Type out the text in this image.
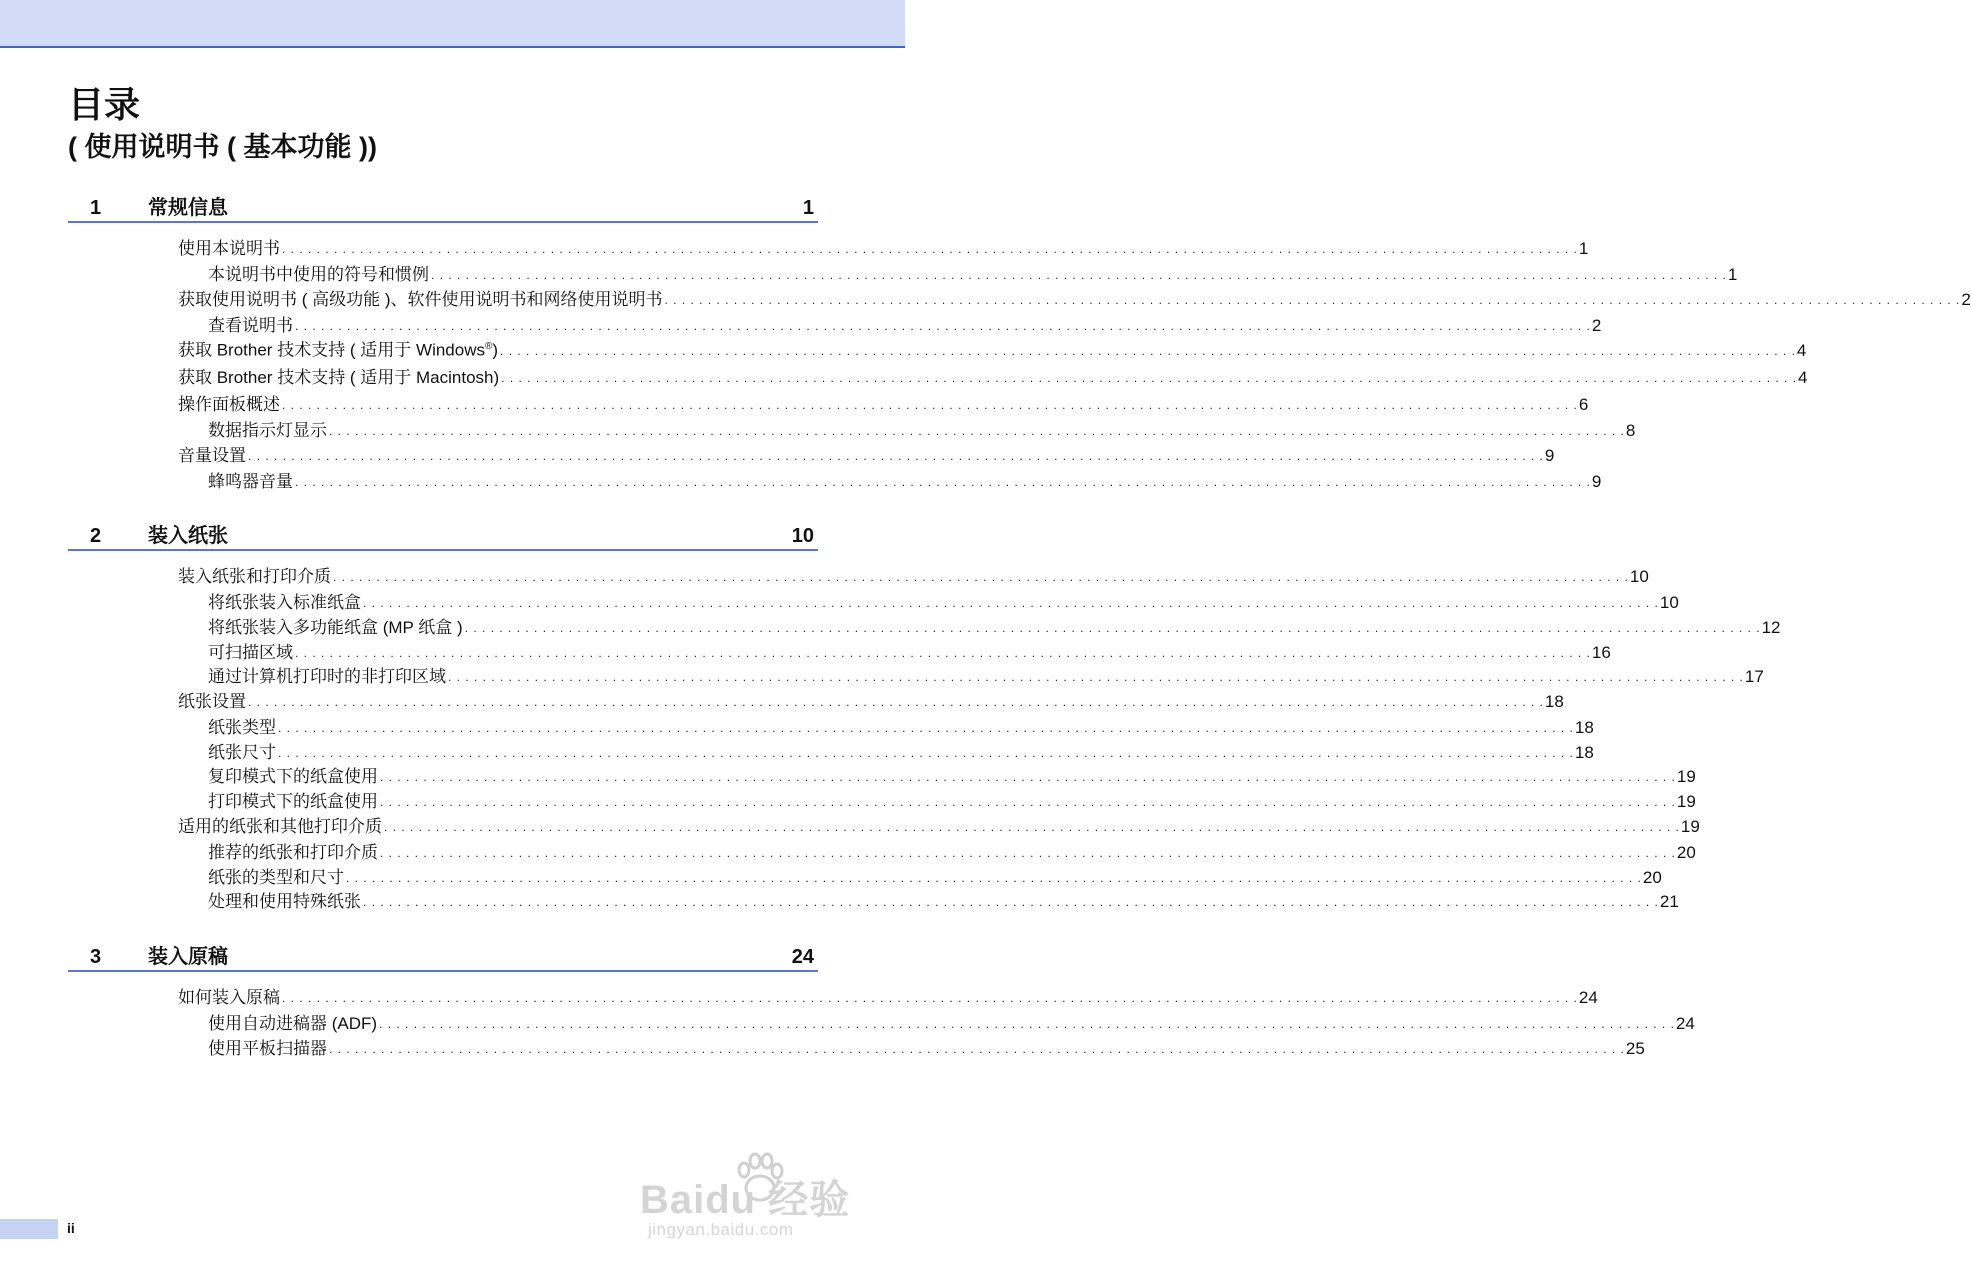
目录
( 使用说明书 ( 基本功能 ))
1 常规信息	1
使用本说明书 . . . . . . . . . . . . . . . . . . . . . . . . . . . . . . . . . . . . . . . . . . . . . . . . . . . . . . . . . . . . . . . . . . . . . . . . . . . . . . . . . . . . . . . . . . . . . . . . . . . . . . . . . . . . . . . . . . . . . . . . . . . . . . . . . . . . . . . . . . . . . . . . . . . . . . 1
本说明书中使用的符号和惯例 . . . . . . . . . . . . . . . . . . . . . . . . . . . . . . . . . . . . . . . . . . . . . . . . . . . . . . . . . . . . . . . . . . . . . . . . . . . . . . . . . . . . . . . . . . . . . . . . . . . . . . . . . . . . . . . . . . . . . . . . . . . . . . . . . . . . . . . . . . . . . . . . . . . . . . 1
获取使用说明书 ( 高级功能 )、软件使用说明书和网络使用说明书 . . . . . . . . . . . . . . . . . . . . . . . . . . . . . . . . . . . . . . . . . . . . . . . . . . . . . . . . . . . . . . . . . . . . . . . . . . . . . . . . . . . . . . . . . . . . . . . . . . . . . . . . . . . . . . . . . . . . . . . . . . . . . . . . . . . . . . . . . . . . . . . . . . . . . . 2
查看说明书 . . . . . . . . . . . . . . . . . . . . . . . . . . . . . . . . . . . . . . . . . . . . . . . . . . . . . . . . . . . . . . . . . . . . . . . . . . . . . . . . . . . . . . . . . . . . . . . . . . . . . . . . . . . . . . . . . . . . . . . . . . . . . . . . . . . . . . . . . . . . . . . . . . . . . . 2
获取 Brother 技术支持 ( 适用于 Windows®) . . . . . . . . . . . . . . . . . . . . . . . . . . . . . . . . . . . . . . . . . . . . . . . . . . . . . . . . . . . . . . . . . . . . . . . . . . . . . . . . . . . . . . . . . . . . . . . . . . . . . . . . . . . . . . . . . . . . . . . . . . . . . . . . . . . . . . . . . . . . . . . . . . . . . . 4
获取 Brother 技术支持 ( 适用于 Macintosh) . . . . . . . . . . . . . . . . . . . . . . . . . . . . . . . . . . . . . . . . . . . . . . . . . . . . . . . . . . . . . . . . . . . . . . . . . . . . . . . . . . . . . . . . . . . . . . . . . . . . . . . . . . . . . . . . . . . . . . . . . . . . . . . . . . . . . . . . . . . . . . . . . . . . . . 4
操作面板概述 . . . . . . . . . . . . . . . . . . . . . . . . . . . . . . . . . . . . . . . . . . . . . . . . . . . . . . . . . . . . . . . . . . . . . . . . . . . . . . . . . . . . . . . . . . . . . . . . . . . . . . . . . . . . . . . . . . . . . . . . . . . . . . . . . . . . . . . . . . . . . . . . . . . . . . 6
数据指示灯显示 . . . . . . . . . . . . . . . . . . . . . . . . . . . . . . . . . . . . . . . . . . . . . . . . . . . . . . . . . . . . . . . . . . . . . . . . . . . . . . . . . . . . . . . . . . . . . . . . . . . . . . . . . . . . . . . . . . . . . . . . . . . . . . . . . . . . . . . . . . . . . . . . . . . . . . 8
音量设置 . . . . . . . . . . . . . . . . . . . . . . . . . . . . . . . . . . . . . . . . . . . . . . . . . . . . . . . . . . . . . . . . . . . . . . . . . . . . . . . . . . . . . . . . . . . . . . . . . . . . . . . . . . . . . . . . . . . . . . . . . . . . . . . . . . . . . . . . . . . . . . . . . . . . . . 9
蜂鸣器音量 . . . . . . . . . . . . . . . . . . . . . . . . . . . . . . . . . . . . . . . . . . . . . . . . . . . . . . . . . . . . . . . . . . . . . . . . . . . . . . . . . . . . . . . . . . . . . . . . . . . . . . . . . . . . . . . . . . . . . . . . . . . . . . . . . . . . . . . . . . . . . . . . . . . . . . 9
2 装入纸张	10
装入纸张和打印介质 . . . . . . . . . . . . . . . . . . . . . . . . . . . . . . . . . . . . . . . . . . . . . . . . . . . . . . . . . . . . . . . . . . . . . . . . . . . . . . . . . . . . . . . . . . . . . . . . . . . . . . . . . . . . . . . . . . . . . . . . . . . . . . . . . . . . . . . . . . . . . . . . . . . . . . 10
将纸张装入标准纸盒 . . . . . . . . . . . . . . . . . . . . . . . . . . . . . . . . . . . . . . . . . . . . . . . . . . . . . . . . . . . . . . . . . . . . . . . . . . . . . . . . . . . . . . . . . . . . . . . . . . . . . . . . . . . . . . . . . . . . . . . . . . . . . . . . . . . . . . . . . . . . . . . . . . . . . . 10
将纸张装入多功能纸盒 (MP 纸盒 ) . . . . . . . . . . . . . . . . . . . . . . . . . . . . . . . . . . . . . . . . . . . . . . . . . . . . . . . . . . . . . . . . . . . . . . . . . . . . . . . . . . . . . . . . . . . . . . . . . . . . . . . . . . . . . . . . . . . . . . . . . . . . . . . . . . . . . . . . . . . . . . . . . . . . . . 12
可扫描区域 . . . . . . . . . . . . . . . . . . . . . . . . . . . . . . . . . . . . . . . . . . . . . . . . . . . . . . . . . . . . . . . . . . . . . . . . . . . . . . . . . . . . . . . . . . . . . . . . . . . . . . . . . . . . . . . . . . . . . . . . . . . . . . . . . . . . . . . . . . . . . . . . . . . . . . 16
通过计算机打印时的非打印区域 . . . . . . . . . . . . . . . . . . . . . . . . . . . . . . . . . . . . . . . . . . . . . . . . . . . . . . . . . . . . . . . . . . . . . . . . . . . . . . . . . . . . . . . . . . . . . . . . . . . . . . . . . . . . . . . . . . . . . . . . . . . . . . . . . . . . . . . . . . . . . . . . . . . . . . 17
纸张设置 . . . . . . . . . . . . . . . . . . . . . . . . . . . . . . . . . . . . . . . . . . . . . . . . . . . . . . . . . . . . . . . . . . . . . . . . . . . . . . . . . . . . . . . . . . . . . . . . . . . . . . . . . . . . . . . . . . . . . . . . . . . . . . . . . . . . . . . . . . . . . . . . . . . . . . 18
纸张类型 . . . . . . . . . . . . . . . . . . . . . . . . . . . . . . . . . . . . . . . . . . . . . . . . . . . . . . . . . . . . . . . . . . . . . . . . . . . . . . . . . . . . . . . . . . . . . . . . . . . . . . . . . . . . . . . . . . . . . . . . . . . . . . . . . . . . . . . . . . . . . . . . . . . . . . 18
纸张尺寸 . . . . . . . . . . . . . . . . . . . . . . . . . . . . . . . . . . . . . . . . . . . . . . . . . . . . . . . . . . . . . . . . . . . . . . . . . . . . . . . . . . . . . . . . . . . . . . . . . . . . . . . . . . . . . . . . . . . . . . . . . . . . . . . . . . . . . . . . . . . . . . . . . . . . . . 18
复印模式下的纸盒使用 . . . . . . . . . . . . . . . . . . . . . . . . . . . . . . . . . . . . . . . . . . . . . . . . . . . . . . . . . . . . . . . . . . . . . . . . . . . . . . . . . . . . . . . . . . . . . . . . . . . . . . . . . . . . . . . . . . . . . . . . . . . . . . . . . . . . . . . . . . . . . . . . . . . . . . 19
打印模式下的纸盒使用 . . . . . . . . . . . . . . . . . . . . . . . . . . . . . . . . . . . . . . . . . . . . . . . . . . . . . . . . . . . . . . . . . . . . . . . . . . . . . . . . . . . . . . . . . . . . . . . . . . . . . . . . . . . . . . . . . . . . . . . . . . . . . . . . . . . . . . . . . . . . . . . . . . . . . . 19
适用的纸张和其他打印介质 . . . . . . . . . . . . . . . . . . . . . . . . . . . . . . . . . . . . . . . . . . . . . . . . . . . . . . . . . . . . . . . . . . . . . . . . . . . . . . . . . . . . . . . . . . . . . . . . . . . . . . . . . . . . . . . . . . . . . . . . . . . . . . . . . . . . . . . . . . . . . . . . . . . . . . 19
推荐的纸张和打印介质 . . . . . . . . . . . . . . . . . . . . . . . . . . . . . . . . . . . . . . . . . . . . . . . . . . . . . . . . . . . . . . . . . . . . . . . . . . . . . . . . . . . . . . . . . . . . . . . . . . . . . . . . . . . . . . . . . . . . . . . . . . . . . . . . . . . . . . . . . . . . . . . . . . . . . . 20
纸张的类型和尺寸 . . . . . . . . . . . . . . . . . . . . . . . . . . . . . . . . . . . . . . . . . . . . . . . . . . . . . . . . . . . . . . . . . . . . . . . . . . . . . . . . . . . . . . . . . . . . . . . . . . . . . . . . . . . . . . . . . . . . . . . . . . . . . . . . . . . . . . . . . . . . . . . . . . . . . . 20
处理和使用特殊纸张 . . . . . . . . . . . . . . . . . . . . . . . . . . . . . . . . . . . . . . . . . . . . . . . . . . . . . . . . . . . . . . . . . . . . . . . . . . . . . . . . . . . . . . . . . . . . . . . . . . . . . . . . . . . . . . . . . . . . . . . . . . . . . . . . . . . . . . . . . . . . . . . . . . . . . . 21
3 装入原稿	24
如何装入原稿 . . . . . . . . . . . . . . . . . . . . . . . . . . . . . . . . . . . . . . . . . . . . . . . . . . . . . . . . . . . . . . . . . . . . . . . . . . . . . . . . . . . . . . . . . . . . . . . . . . . . . . . . . . . . . . . . . . . . . . . . . . . . . . . . . . . . . . . . . . . . . . . . . . . . . . 24
使用自动进稿器 (ADF) . . . . . . . . . . . . . . . . . . . . . . . . . . . . . . . . . . . . . . . . . . . . . . . . . . . . . . . . . . . . . . . . . . . . . . . . . . . . . . . . . . . . . . . . . . . . . . . . . . . . . . . . . . . . . . . . . . . . . . . . . . . . . . . . . . . . . . . . . . . . . . . . . . . . . . 24
使用平板扫描器 . . . . . . . . . . . . . . . . . . . . . . . . . . . . . . . . . . . . . . . . . . . . . . . . . . . . . . . . . . . . . . . . . . . . . . . . . . . . . . . . . . . . . . . . . . . . . . . . . . . . . . . . . . . . . . . . . . . . . . . . . . . . . . . . . . . . . . . . . . . . . . . . . . . . . . 25
ii
Baidu 经验
jingyan.baidu.com
